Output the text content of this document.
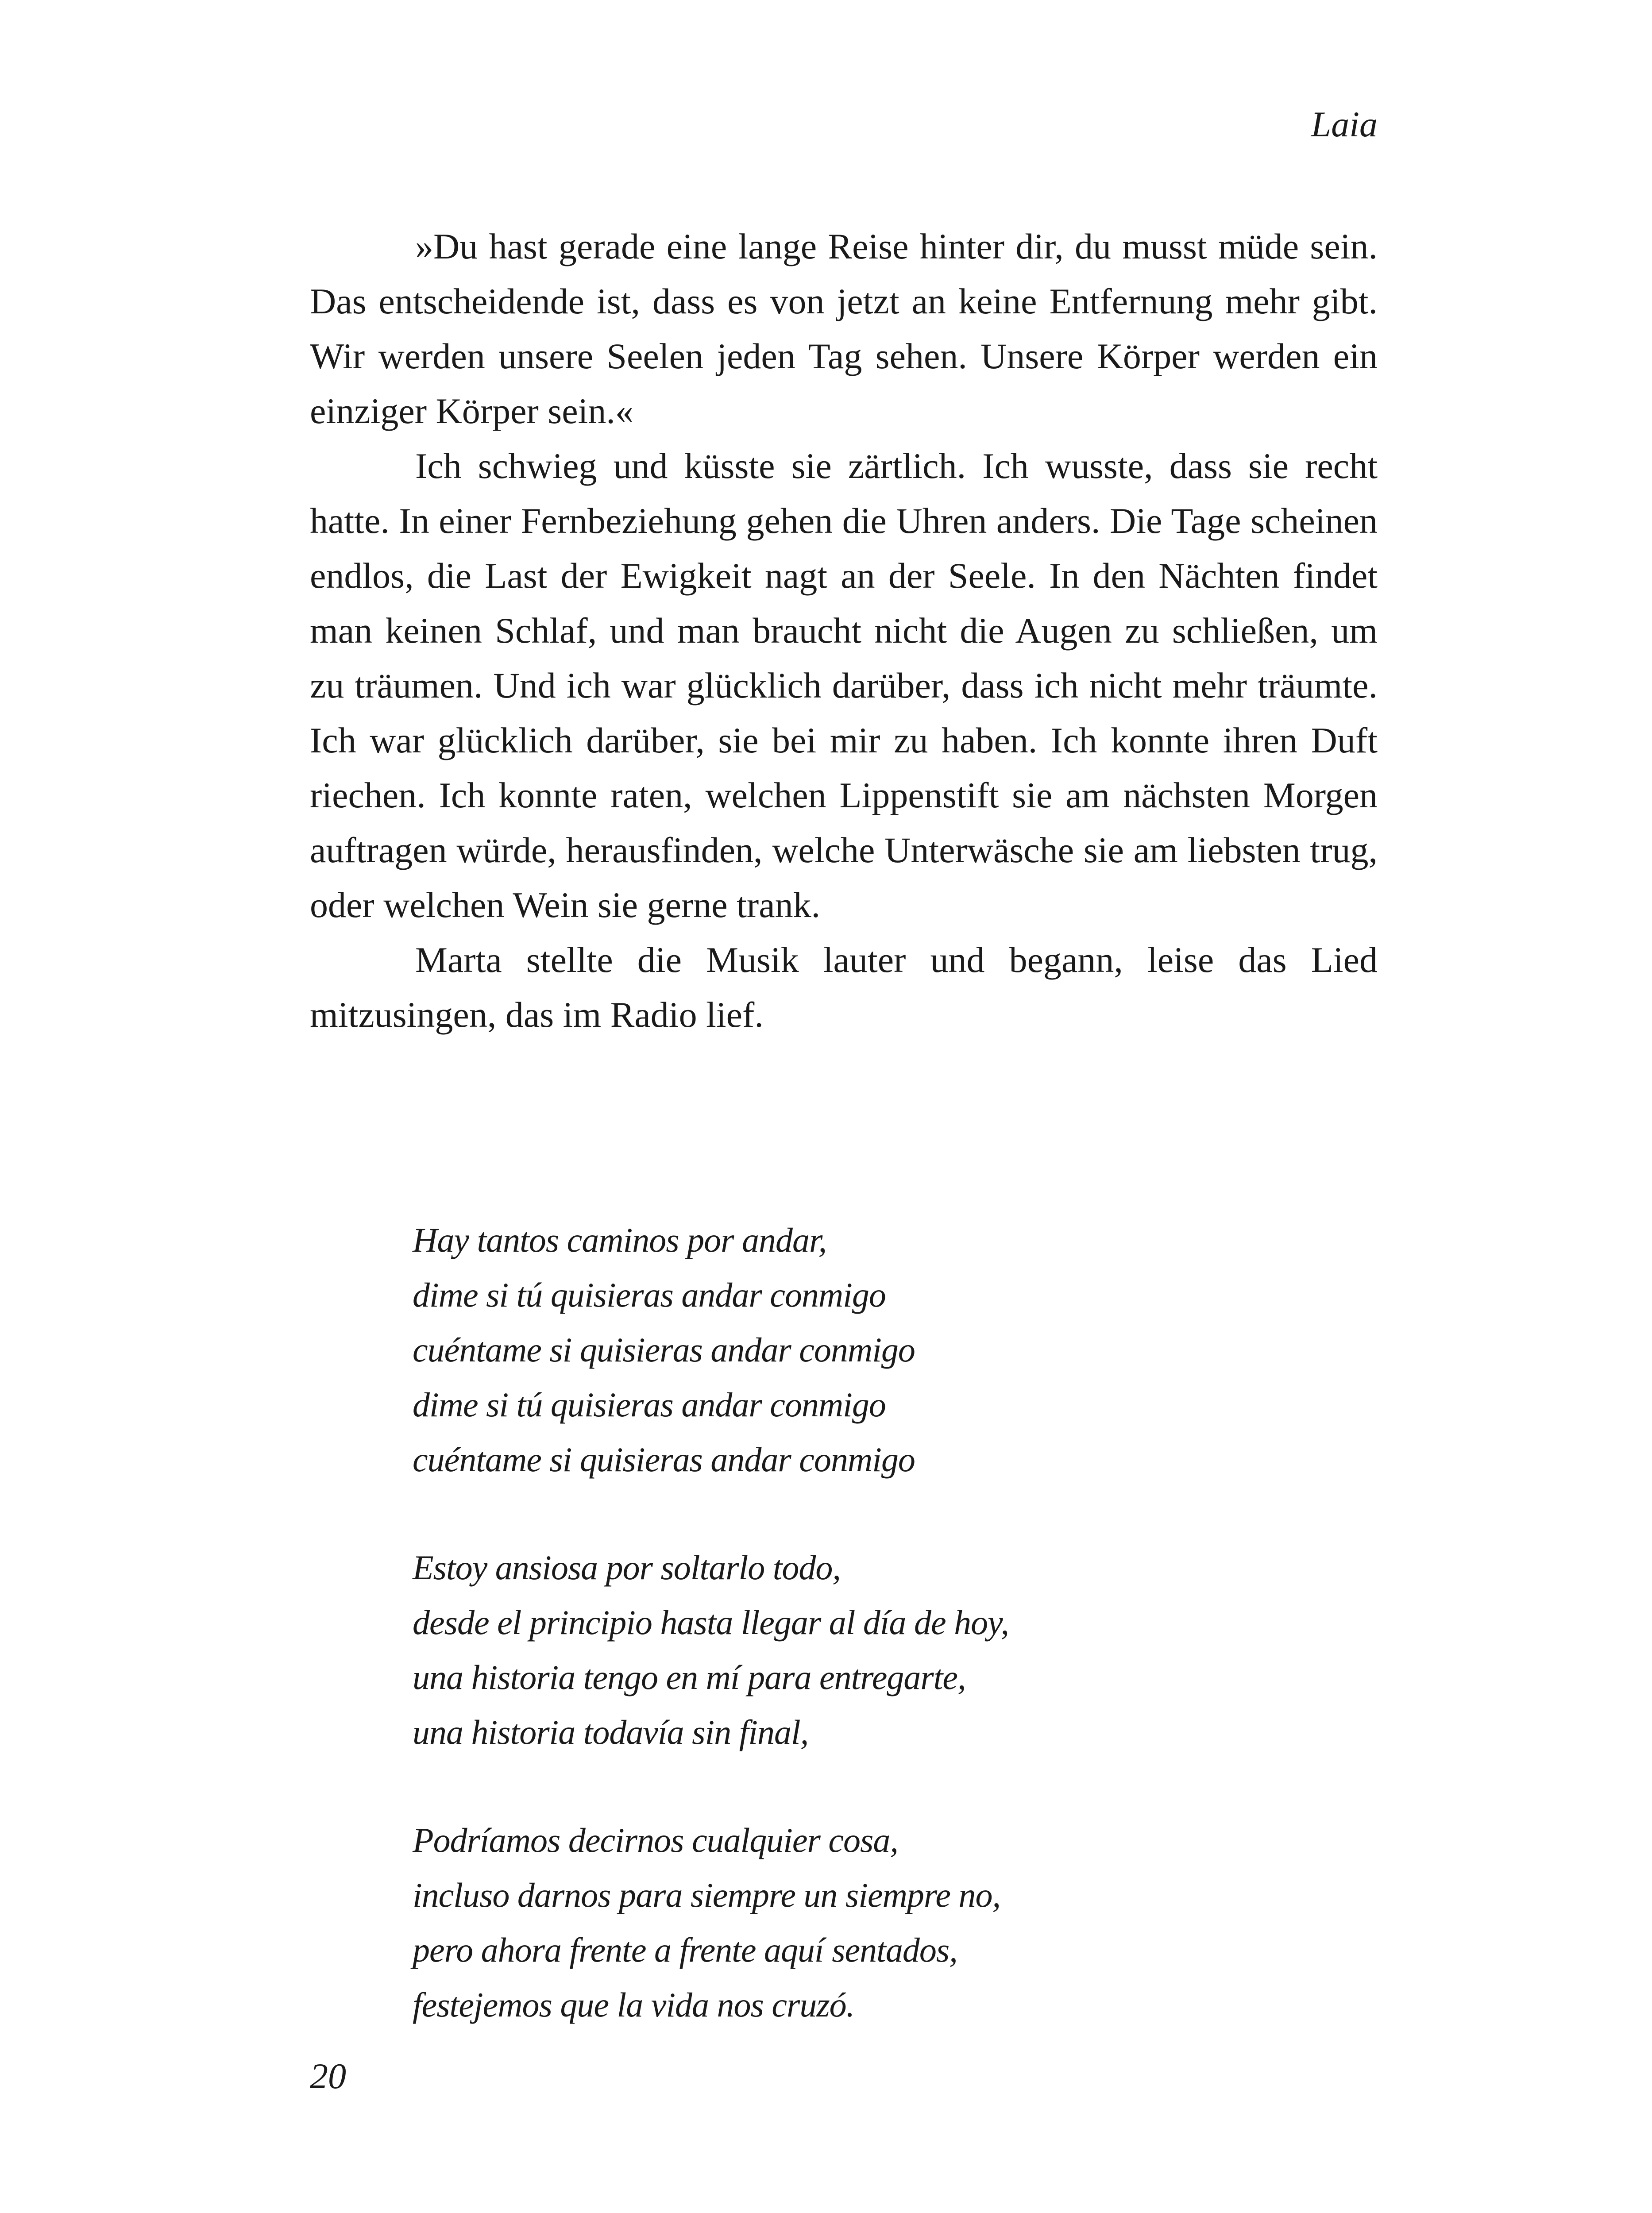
Laia

»Du hast gerade eine lange Reise hinter dir, du musst müde sein. Das entscheidende ist, dass es von jetzt an keine Entfernung mehr gibt. Wir werden unsere Seelen jeden Tag sehen. Unsere Körper werden ein einziger Körper sein.«

Ich schwieg und küsste sie zärtlich. Ich wusste, dass sie recht hatte. In einer Fernbeziehung gehen die Uhren anders. Die Tage scheinen endlos, die Last der Ewigkeit nagt an der Seele. In den Nächten findet man keinen Schlaf, und man braucht nicht die Augen zu schließen, um zu träumen. Und ich war glücklich darüber, dass ich nicht mehr träumte. Ich war glücklich darüber, sie bei mir zu haben. Ich konnte ihren Duft riechen. Ich konnte raten, welchen Lippenstift sie am nächsten Morgen auftragen würde, herausfinden, welche Unterwäsche sie am liebsten trug, oder welchen Wein sie gerne trank.

Marta stellte die Musik lauter und begann, leise das Lied mitzusingen, das im Radio lief.

Hay tantos caminos por andar,
dime si tú quisieras andar conmigo
cuéntame si quisieras andar conmigo
dime si tú quisieras andar conmigo
cuéntame si quisieras andar conmigo
Estoy ansiosa por soltarlo todo,
desde el principio hasta llegar al día de hoy,
una historia tengo en mí para entregarte,
una historia todavía sin final,
Podríamos decirnos cualquier cosa,
incluso darnos para siempre un siempre no,
pero ahora frente a frente aquí sentados,
festejemos que la vida nos cruzó.
20
